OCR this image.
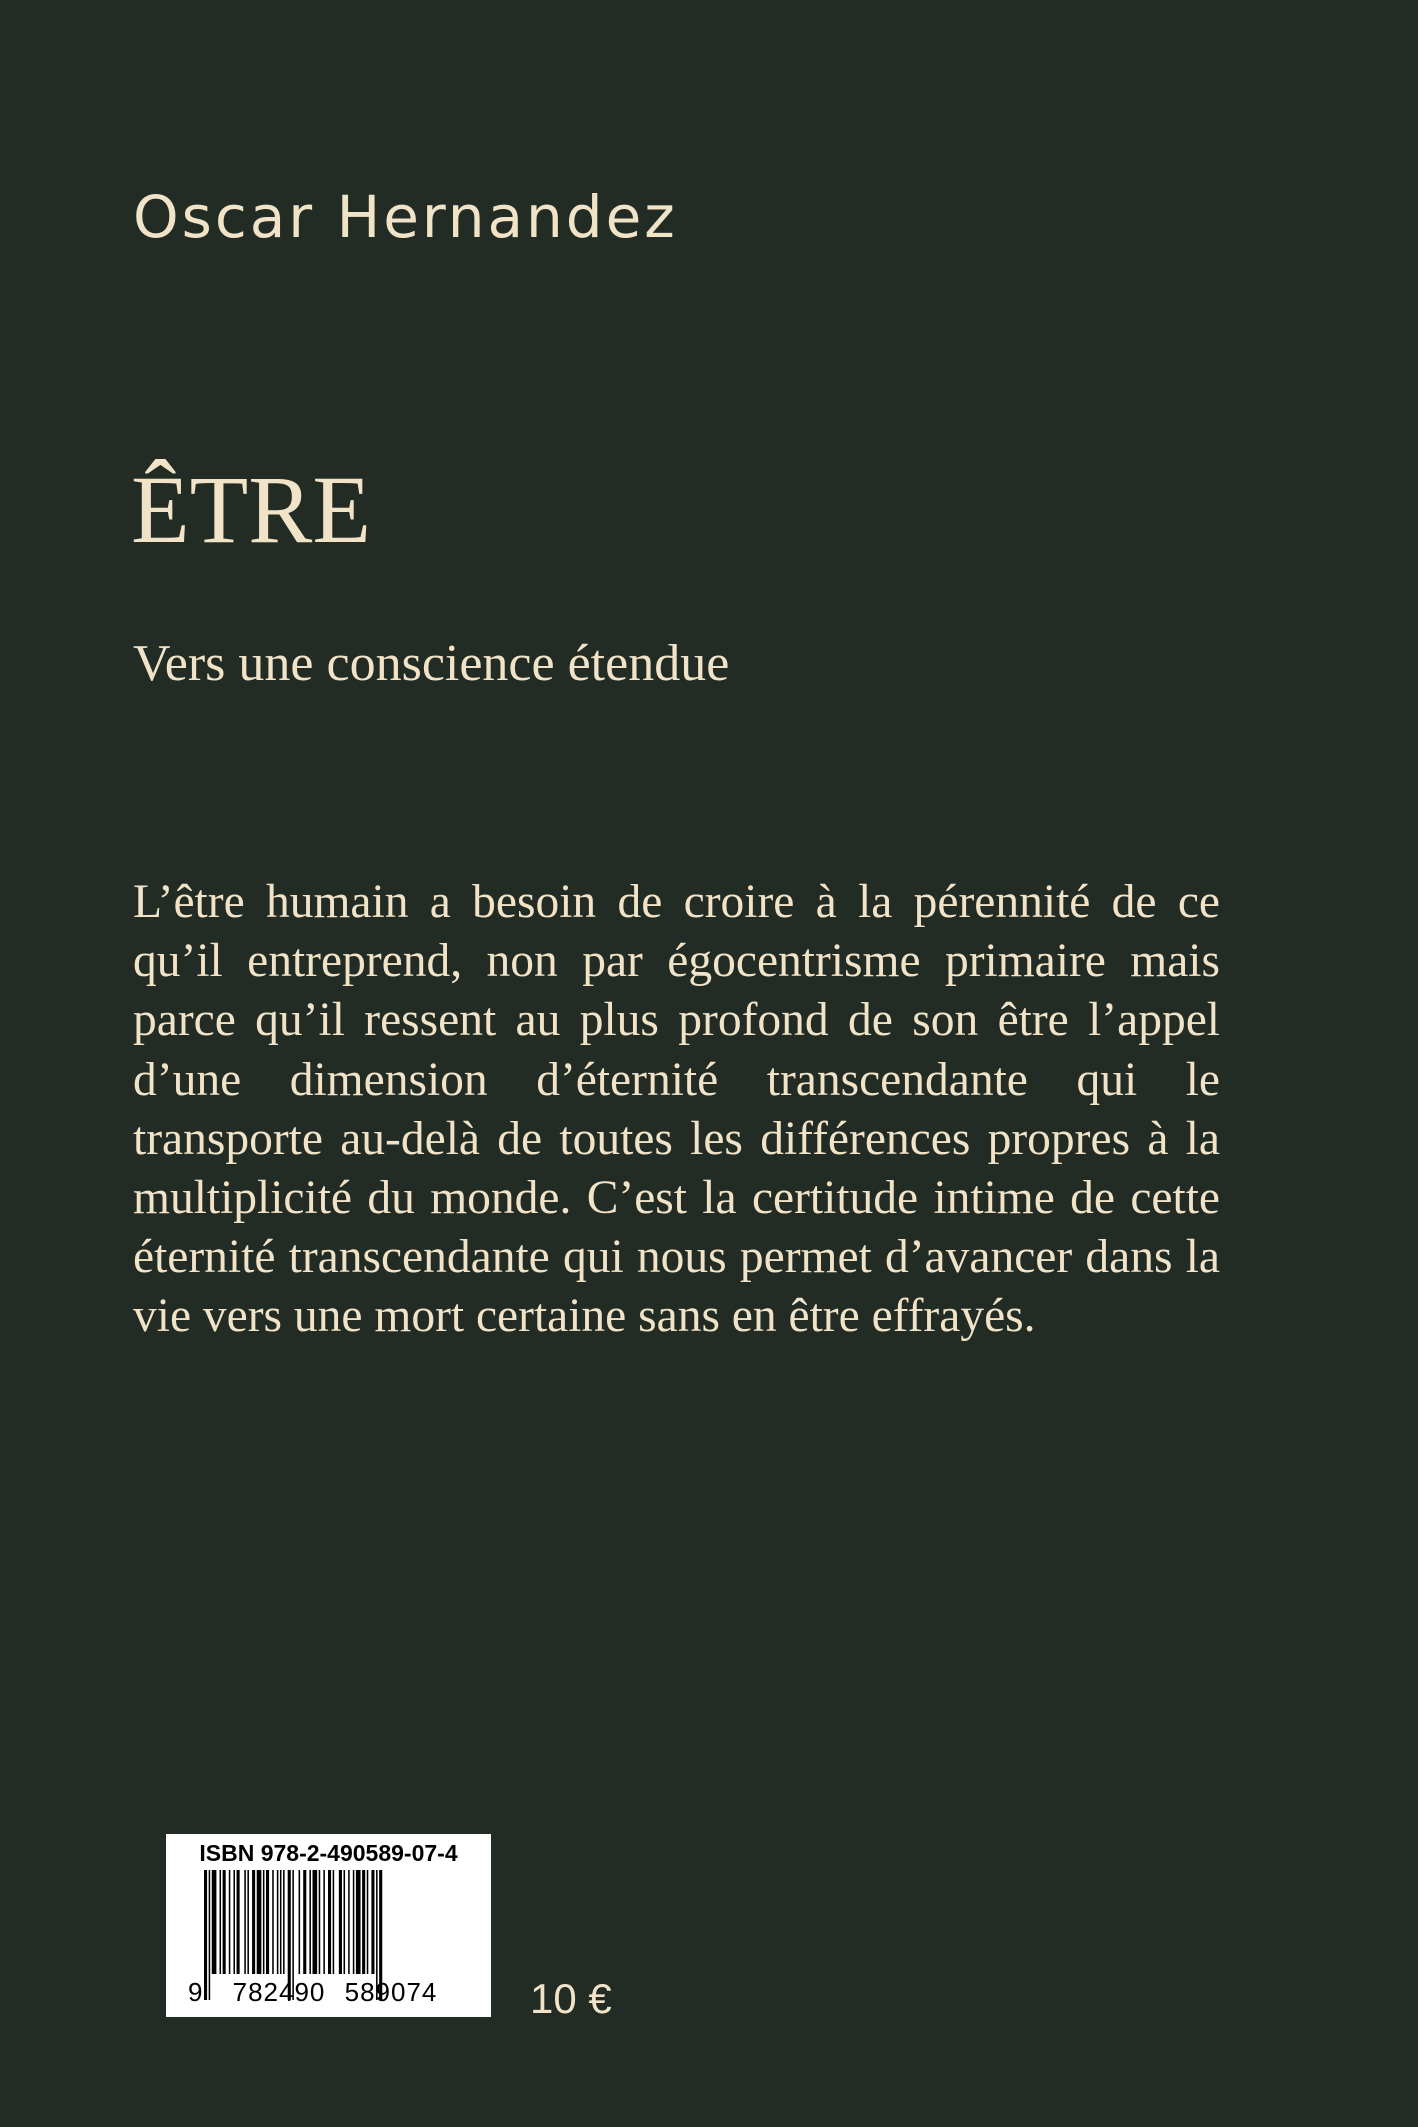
Oscar Hernandez
ÊTRE
Vers une conscience étendue

L’être humain a besoin de croire à la pérennité de ce qu’il entreprend, non par égocentrisme primaire mais parce qu’il ressent au plus profond de son être l’appel d’une dimension d’éternité transcendante qui le transporte au-delà de toutes les différences propres à la multiplicité du monde. C’est la certitude intime de cette éternité transcendante qui nous permet d’avancer dans la vie vers une mort certaine sans en être effrayés.

ISBN 978-2-490589-07-4
9 782490 589074 10 €
